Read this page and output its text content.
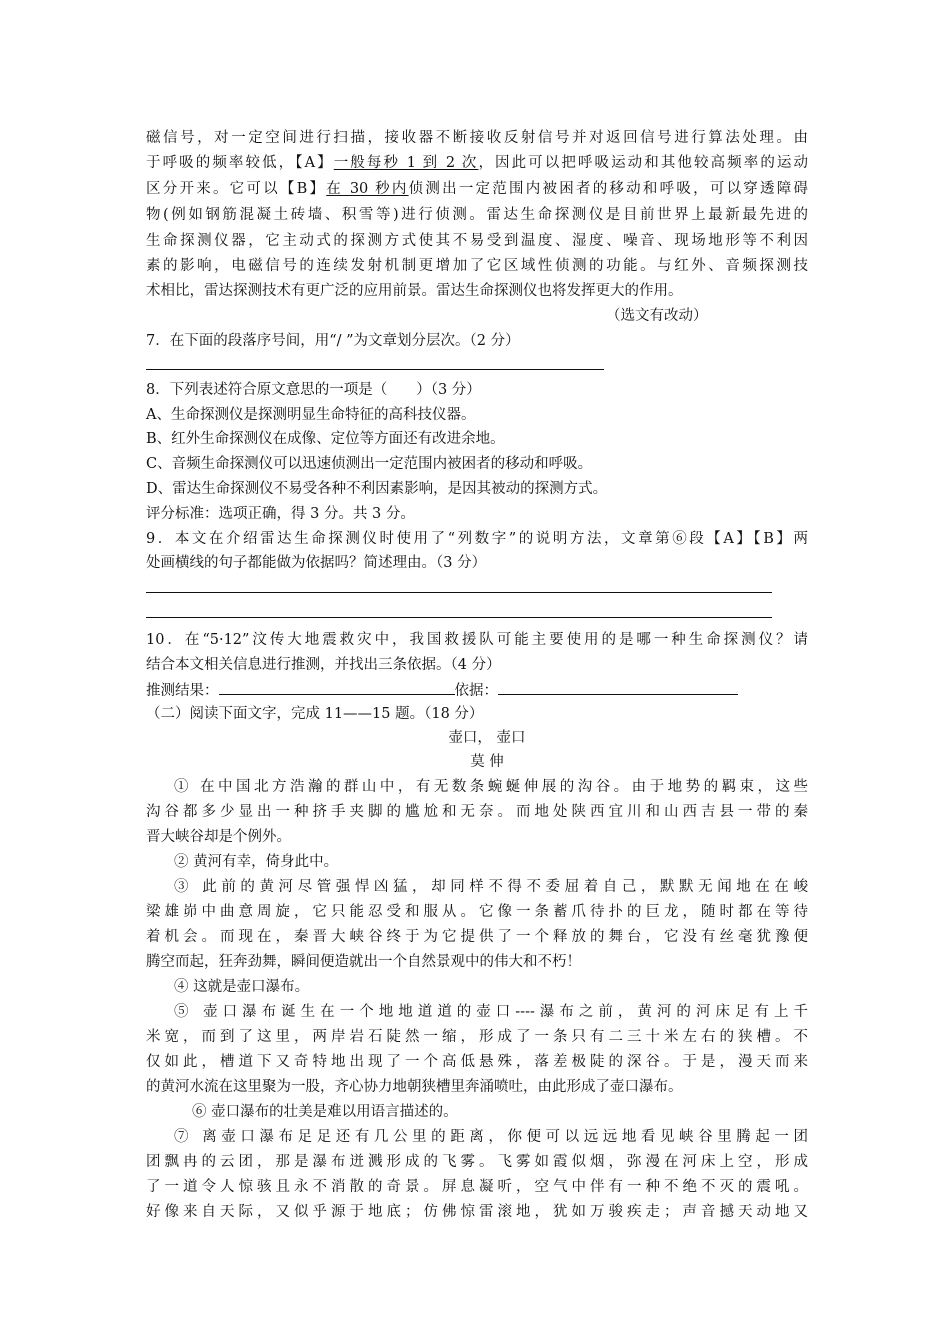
磁信号，对一定空间进行扫描，接收器不断接收反射信号并对返回信号进行算法处理。由
于呼吸的频率较低，【A】一般每秒 1 到 2 次，因此可以把呼吸运动和其他较高频率的运动
区分开来。它可以【B】在 30 秒内侦测出一定范围内被困者的移动和呼吸，可以穿透障碍
物(例如钢筋混凝土砖墙、积雪等)进行侦测。雷达生命探测仪是目前世界上最新最先进的
生命探测仪器，它主动式的探测方式使其不易受到温度、湿度、噪音、现场地形等不利因
素的影响，电磁信号的连续发射机制更增加了它区域性侦测的功能。与红外、音频探测技
术相比，雷达探测技术有更广泛的应用前景。雷达生命探测仪也将发挥更大的作用。
（选文有改动）
7．在下面的段落序号间，用“/ ”为文章划分层次。（2 分）
8．下列表述符合原文意思的一项是（　　）（3 分）
A、生命探测仪是探测明显生命特征的高科技仪器。
B、红外生命探测仪在成像、定位等方面还有改进余地。
C、音频生命探测仪可以迅速侦测出一定范围内被困者的移动和呼吸。
D、雷达生命探测仪不易受各种不利因素影响，是因其被动的探测方式。
评分标准：选项正确，得 3 分。共 3 分。
9．本文在介绍雷达生命探测仪时使用了“列数字”的说明方法，文章第⑥段【A】【B】两
处画横线的句子都能做为依据吗？简述理由。（3 分）
10．在“5·12”汶传大地震救灾中，我国救援队可能主要使用的是哪一种生命探测仪？请
结合本文相关信息进行推测，并找出三条依据。（4 分）
推测结果：	依据：
（二）阅读下面文字，完成 11——15 题。（18 分）
壶口， 壶口
莫 伸
① 在中国北方浩瀚的群山中，有无数条蜿蜒伸展的沟谷。由于地势的羁束，这些
沟谷都多少显出一种挤手夹脚的尴尬和无奈。而地处陕西宜川和山西吉县一带的秦
晋大峡谷却是个例外。
② 黄河有幸，倚身此中。
③ 此前的黄河尽管强悍凶猛，却同样不得不委屈着自己，默默无闻地在在峻
梁雄峁中曲意周旋，它只能忍受和服从。它像一条蓄爪待扑的巨龙，随时都在等待
着机会。而现在，秦晋大峡谷终于为它提供了一个释放的舞台，它没有丝毫犹豫便
腾空而起，狂奔劲舞，瞬间便造就出一个自然景观中的伟大和不朽！
④ 这就是壶口瀑布。
⑤ 壶口瀑布诞生在一个地地道道的壶口----瀑布之前，黄河的河床足有上千
米宽，而到了这里，两岸岩石陡然一缩，形成了一条只有二三十米左右的狭槽。不
仅如此，槽道下又奇特地出现了一个高低悬殊，落差极陡的深谷。于是，漫天而来
的黄河水流在这里聚为一股，齐心协力地朝狭槽里奔涌喷吐，由此形成了壶口瀑布。
⑥ 壶口瀑布的壮美是难以用语言描述的。
⑦ 离壶口瀑布足足还有几公里的距离，你便可以远远地看见峡谷里腾起一团
团飘冉的云团，那是瀑布迸溅形成的飞雾。飞雾如霞似烟，弥漫在河床上空，形成
了一道令人惊骇且永不消散的奇景。屏息凝听，空气中伴有一种不绝不灭的震吼。
好像来自天际，又似乎源于地底；仿佛惊雷滚地，犹如万骏疾走；声音撼天动地又
